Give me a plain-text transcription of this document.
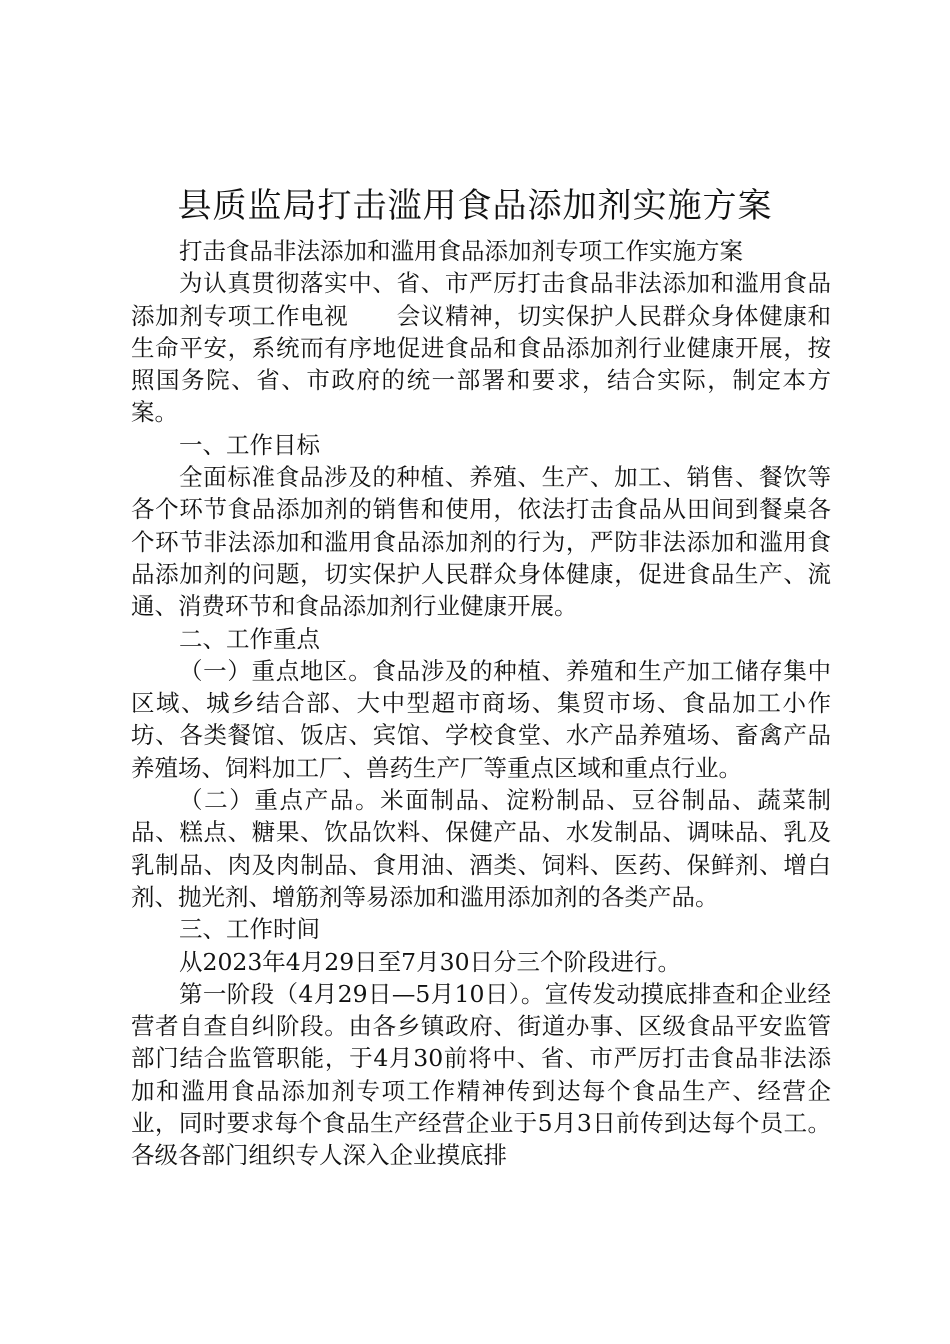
县质监局打击滥用食品添加剂实施方案

打击食品非法添加和滥用食品添加剂专项工作实施方案

为认真贯彻落实中、省、市严厉打击食品非法添加和滥用食品添加剂专项工作电视　　会议精神，切实保护人民群众身体健康和生命平安，系统而有序地促进食品和食品添加剂行业健康开展，按照国务院、省、市政府的统一部署和要求，结合实际，制定本方案。

一、工作目标

全面标准食品涉及的种植、养殖、生产、加工、销售、餐饮等各个环节食品添加剂的销售和使用，依法打击食品从田间到餐桌各个环节非法添加和滥用食品添加剂的行为，严防非法添加和滥用食品添加剂的问题，切实保护人民群众身体健康，促进食品生产、流通、消费环节和食品添加剂行业健康开展。

二、工作重点

（一）重点地区。食品涉及的种植、养殖和生产加工储存集中区域、城乡结合部、大中型超市商场、集贸市场、食品加工小作坊、各类餐馆、饭店、宾馆、学校食堂、水产品养殖场、畜禽产品养殖场、饲料加工厂、兽药生产厂等重点区域和重点行业。

（二）重点产品。米面制品、淀粉制品、豆谷制品、蔬菜制品、糕点、糖果、饮品饮料、保健产品、水发制品、调味品、乳及乳制品、肉及肉制品、食用油、酒类、饲料、医药、保鲜剂、增白剂、抛光剂、增筋剂等易添加和滥用添加剂的各类产品。

三、工作时间

从2023年4月29日至7月30日分三个阶段进行。

第一阶段（4月29日—5月10日）。宣传发动摸底排查和企业经营者自查自纠阶段。由各乡镇政府、街道办事、区级食品平安监管部门结合监管职能，于4月30前将中、省、市严厉打击食品非法添加和滥用食品添加剂专项工作精神传到达每个食品生产、经营企业，同时要求每个食品生产经营企业于5月3日前传到达每个员工。各级各部门组织专人深入企业摸底排
